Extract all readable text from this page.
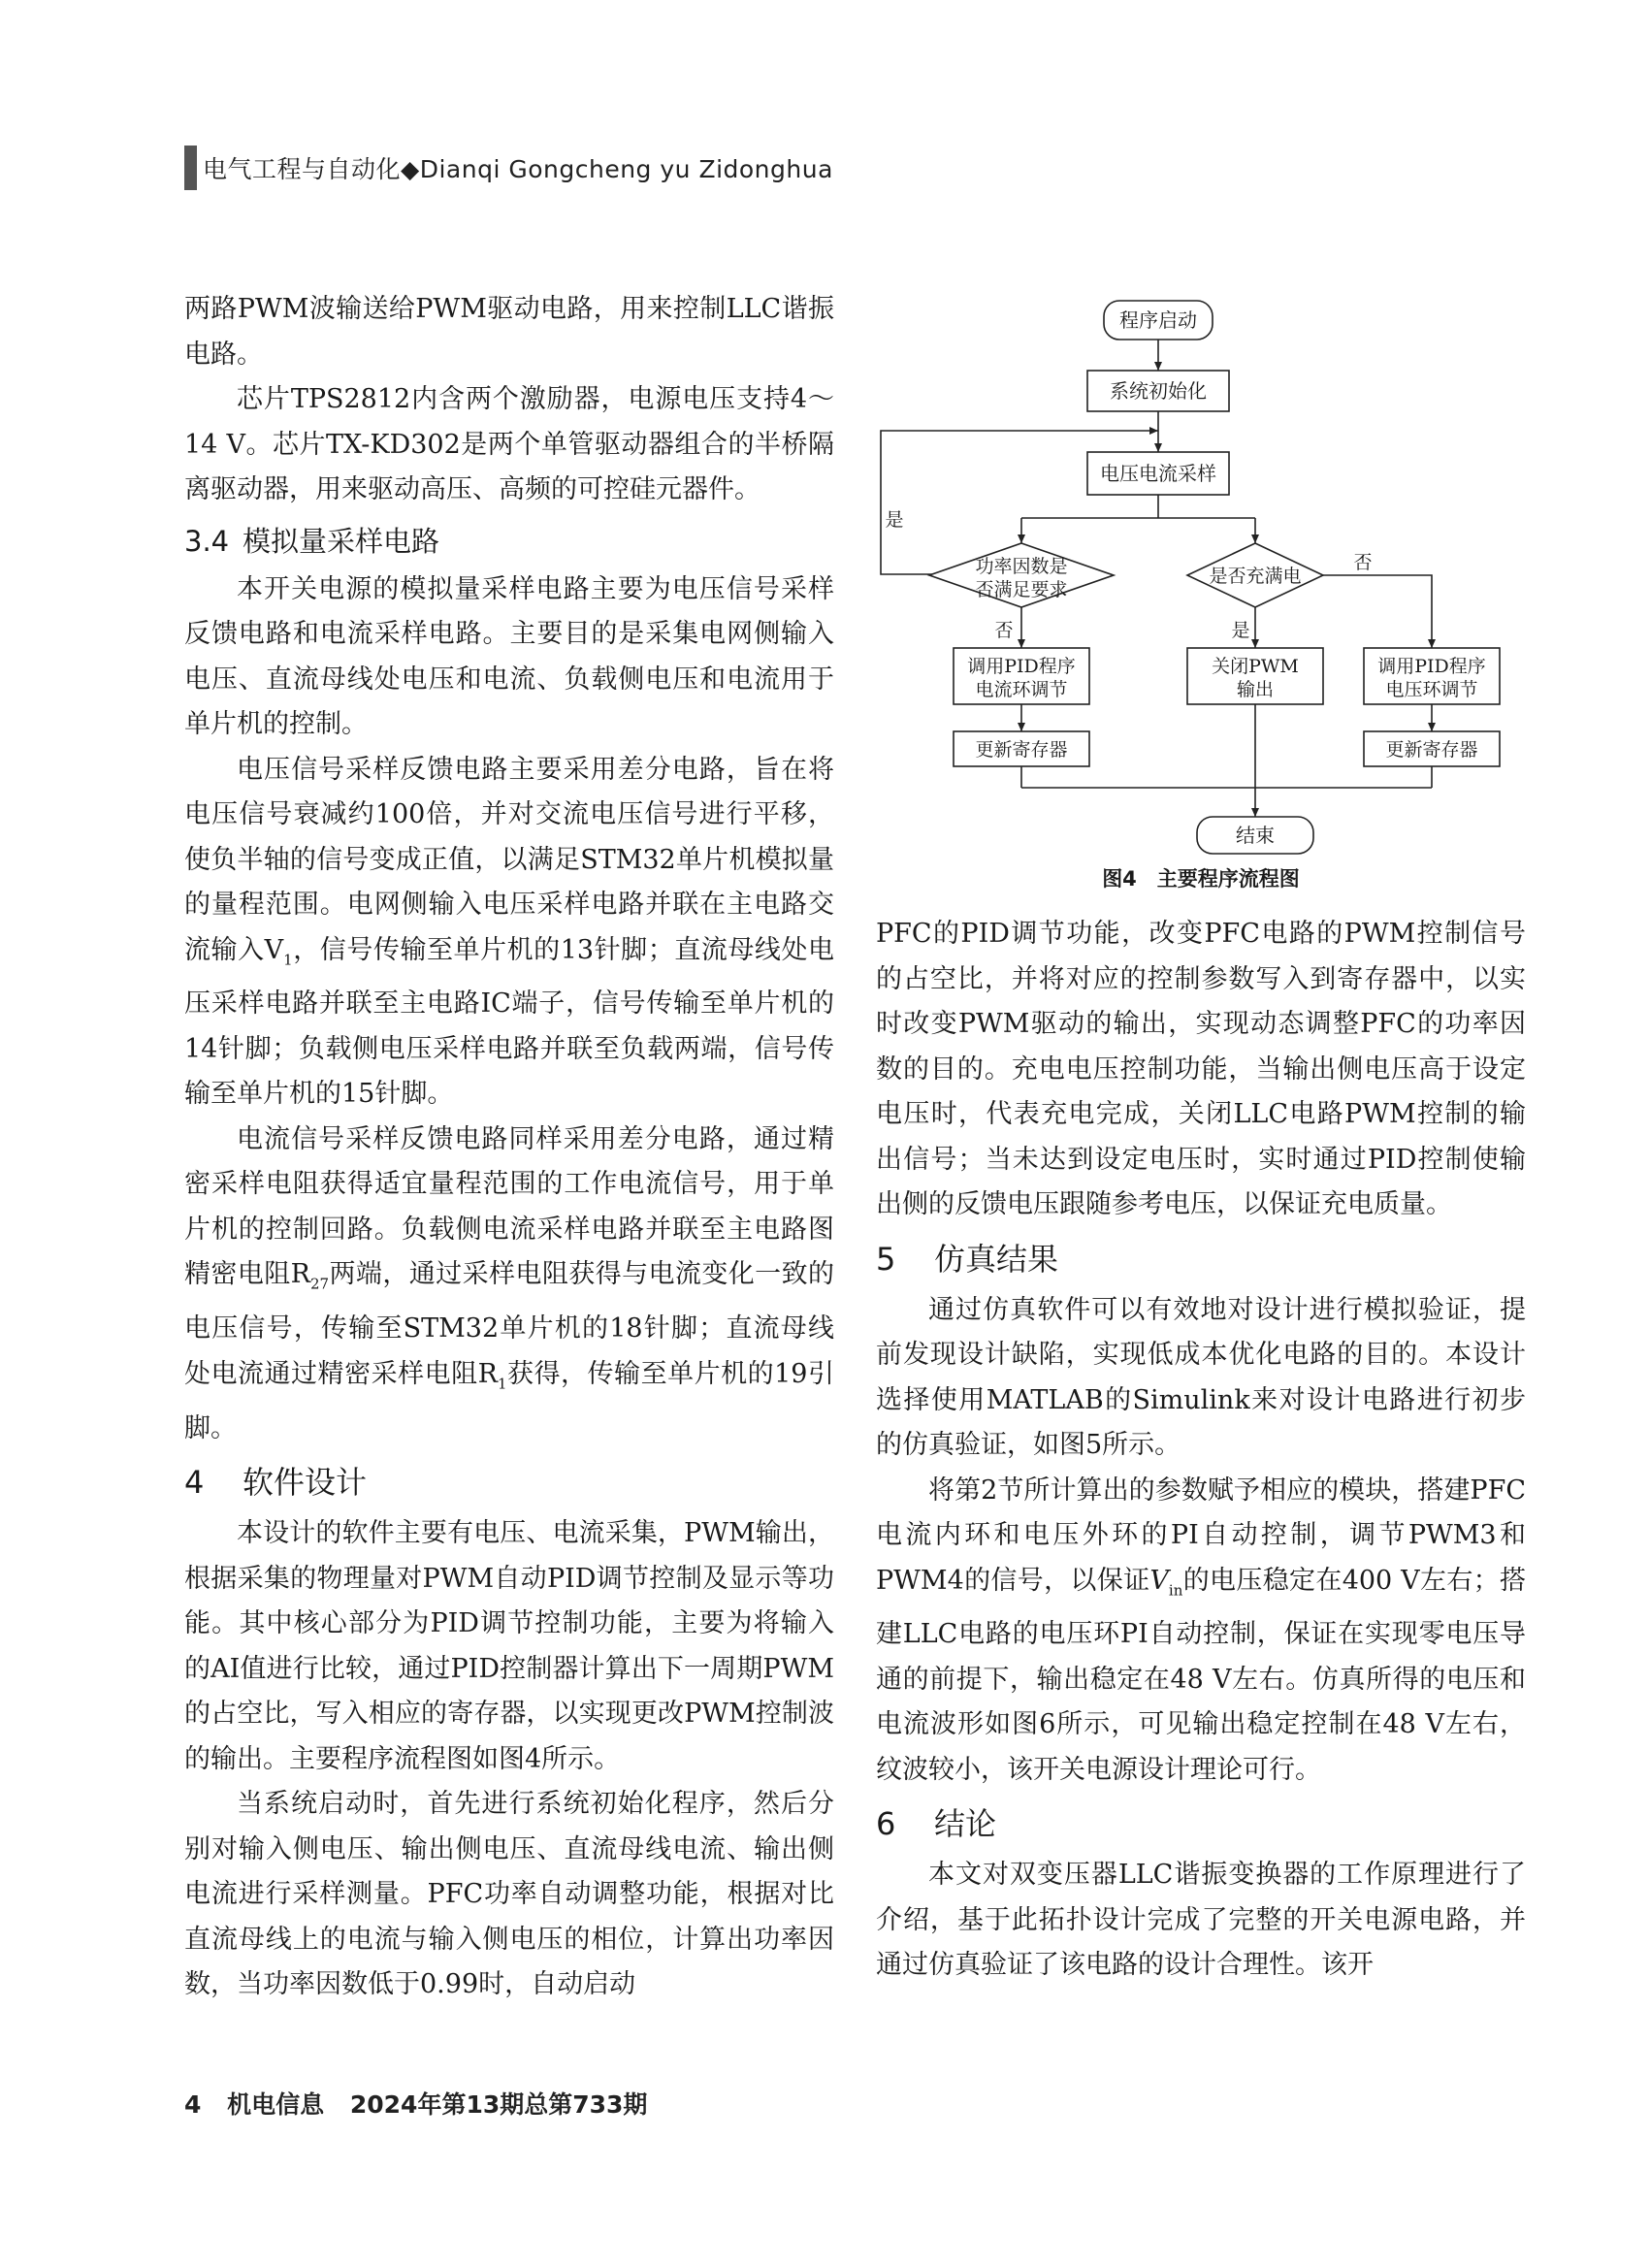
电气工程与自动化◆Dianqi Gongcheng yu Zidonghua

两路PWM波输送给PWM驱动电路，用来控制LLC谐振电路。

芯片TPS2812内含两个激励器，电源电压支持4～14 V。芯片TX-KD302是两个单管驱动器组合的半桥隔离驱动器，用来驱动高压、高频的可控硅元器件。

3.4 模拟量采样电路

本开关电源的模拟量采样电路主要为电压信号采样反馈电路和电流采样电路。主要目的是采集电网侧输入电压、直流母线处电压和电流、负载侧电压和电流用于单片机的控制。

电压信号采样反馈电路主要采用差分电路，旨在将电压信号衰减约100倍，并对交流电压信号进行平移，使负半轴的信号变成正值，以满足STM32单片机模拟量的量程范围。电网侧输入电压采样电路并联在主电路交流输入$V_1$，信号传输至单片机的13针脚；直流母线处电压采样电路并联至主电路IC端子，信号传输至单片机的14针脚；负载侧电压采样电路并联至负载两端，信号传输至单片机的15针脚。

电流信号采样反馈电路同样采用差分电路，通过精密采样电阻获得适宜量程范围的工作电流信号，用于单片机的控制回路。负载侧电流采样电路并联至主电路图精密电阻$R_{27}$两端，通过采样电阻获得与电流变化一致的电压信号，传输至STM32单片机的18针脚；直流母线处电流通过精密采样电阻$R_1$获得，传输至单片机的19引脚。

4 软件设计

本设计的软件主要有电压、电流采集，PWM输出，根据采集的物理量对PWM自动PID调节控制及显示等功能。其中核心部分为PID调节控制功能，主要为将输入的AI值进行比较，通过PID控制器计算出下一周期PWM的占空比，写入相应的寄存器，以实现更改PWM控制波的输出。主要程序流程图如图4所示。

当系统启动时，首先进行系统初始化程序，然后分别对输入侧电压、输出侧电压、直流母线电流、输出侧电流进行采样测量。PFC功率自动调整功能，根据对比直流母线上的电流与输入侧电压的相位，计算出功率因数，当功率因数低于0.99时，自动启动

程序启动
系统初始化
电压电流采样
功率因数是
否满足要求
是否充满电
调用PID程序
电流环调节
关闭PWM
输出
调用PID程序
电压环调节
更新寄存器	更新寄存器
结束
是
否	是
否
图4　主要程序流程图

PFC的PID调节功能，改变PFC电路的PWM控制信号的占空比，并将对应的控制参数写入到寄存器中，以实时改变PWM驱动的输出，实现动态调整PFC的功率因数的目的。充电电压控制功能，当输出侧电压高于设定电压时，代表充电完成，关闭LLC电路PWM控制的输出信号；当未达到设定电压时，实时通过PID控制使输出侧的反馈电压跟随参考电压，以保证充电质量。

5 仿真结果

通过仿真软件可以有效地对设计进行模拟验证，提前发现设计缺陷，实现低成本优化电路的目的。本设计选择使用MATLAB的Simulink来对设计电路进行初步的仿真验证，如图5所示。

将第2节所计算出的参数赋予相应的模块，搭建PFC电流内环和电压外环的PI自动控制，调节PWM3和PWM4的信号，以保证$V_{in}$的电压稳定在400 V左右；搭建LLC电路的电压环PI自动控制，保证在实现零电压导通的前提下，输出稳定在48 V左右。仿真所得的电压和电流波形如图6所示，可见输出稳定控制在48 V左右，纹波较小，该开关电源设计理论可行。

6 结论

本文对双变压器LLC谐振变换器的工作原理进行了介绍，基于此拓扑设计完成了完整的开关电源电路，并通过仿真验证了该电路的设计合理性。该开

4 机电信息 2024年第13期总第733期
